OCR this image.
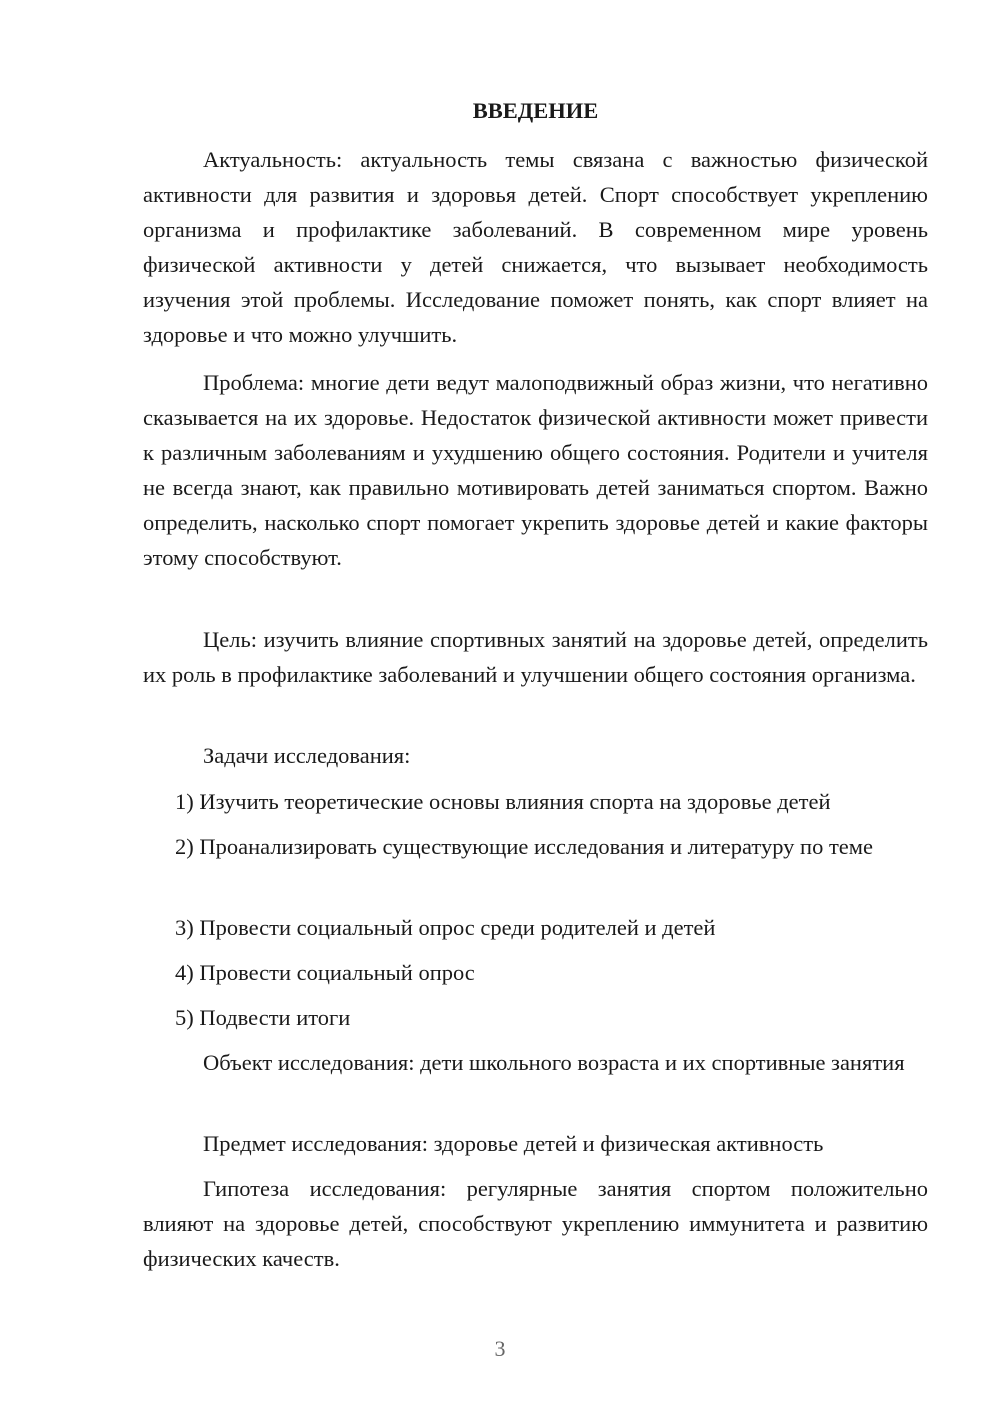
ВВЕДЕНИЕ

Актуальность: актуальность темы связана с важностью физической активности для развития и здоровья детей. Спорт способствует укреплению организма и профилактике заболеваний. В современном мире уровень физической активности у детей снижается, что вызывает необходимость изучения этой проблемы. Исследование поможет понять, как спорт влияет на здоровье и что можно улучшить.

Проблема: многие дети ведут малоподвижный образ жизни, что негативно сказывается на их здоровье. Недостаток физической активности может привести к различным заболеваниям и ухудшению общего состояния. Родители и учителя не всегда знают, как правильно мотивировать детей заниматься спортом. Важно определить, насколько спорт помогает укрепить здоровье детей и какие факторы этому способствуют.

Цель: изучить влияние спортивных занятий на здоровье детей, определить их роль в профилактике заболеваний и улучшении общего состояния организма.

Задачи исследования:

1) Изучить теоретические основы влияния спорта на здоровье детей

2) Проанализировать существующие исследования и литературу по теме

3) Провести социальный опрос среди родителей и детей

4) Провести социальный опрос

5) Подвести итоги

Объект исследования: дети школьного возраста и их спортивные занятия

Предмет исследования: здоровье детей и физическая активность

Гипотеза исследования: регулярные занятия спортом положительно влияют на здоровье детей, способствуют укреплению иммунитета и развитию физических качеств.

3
